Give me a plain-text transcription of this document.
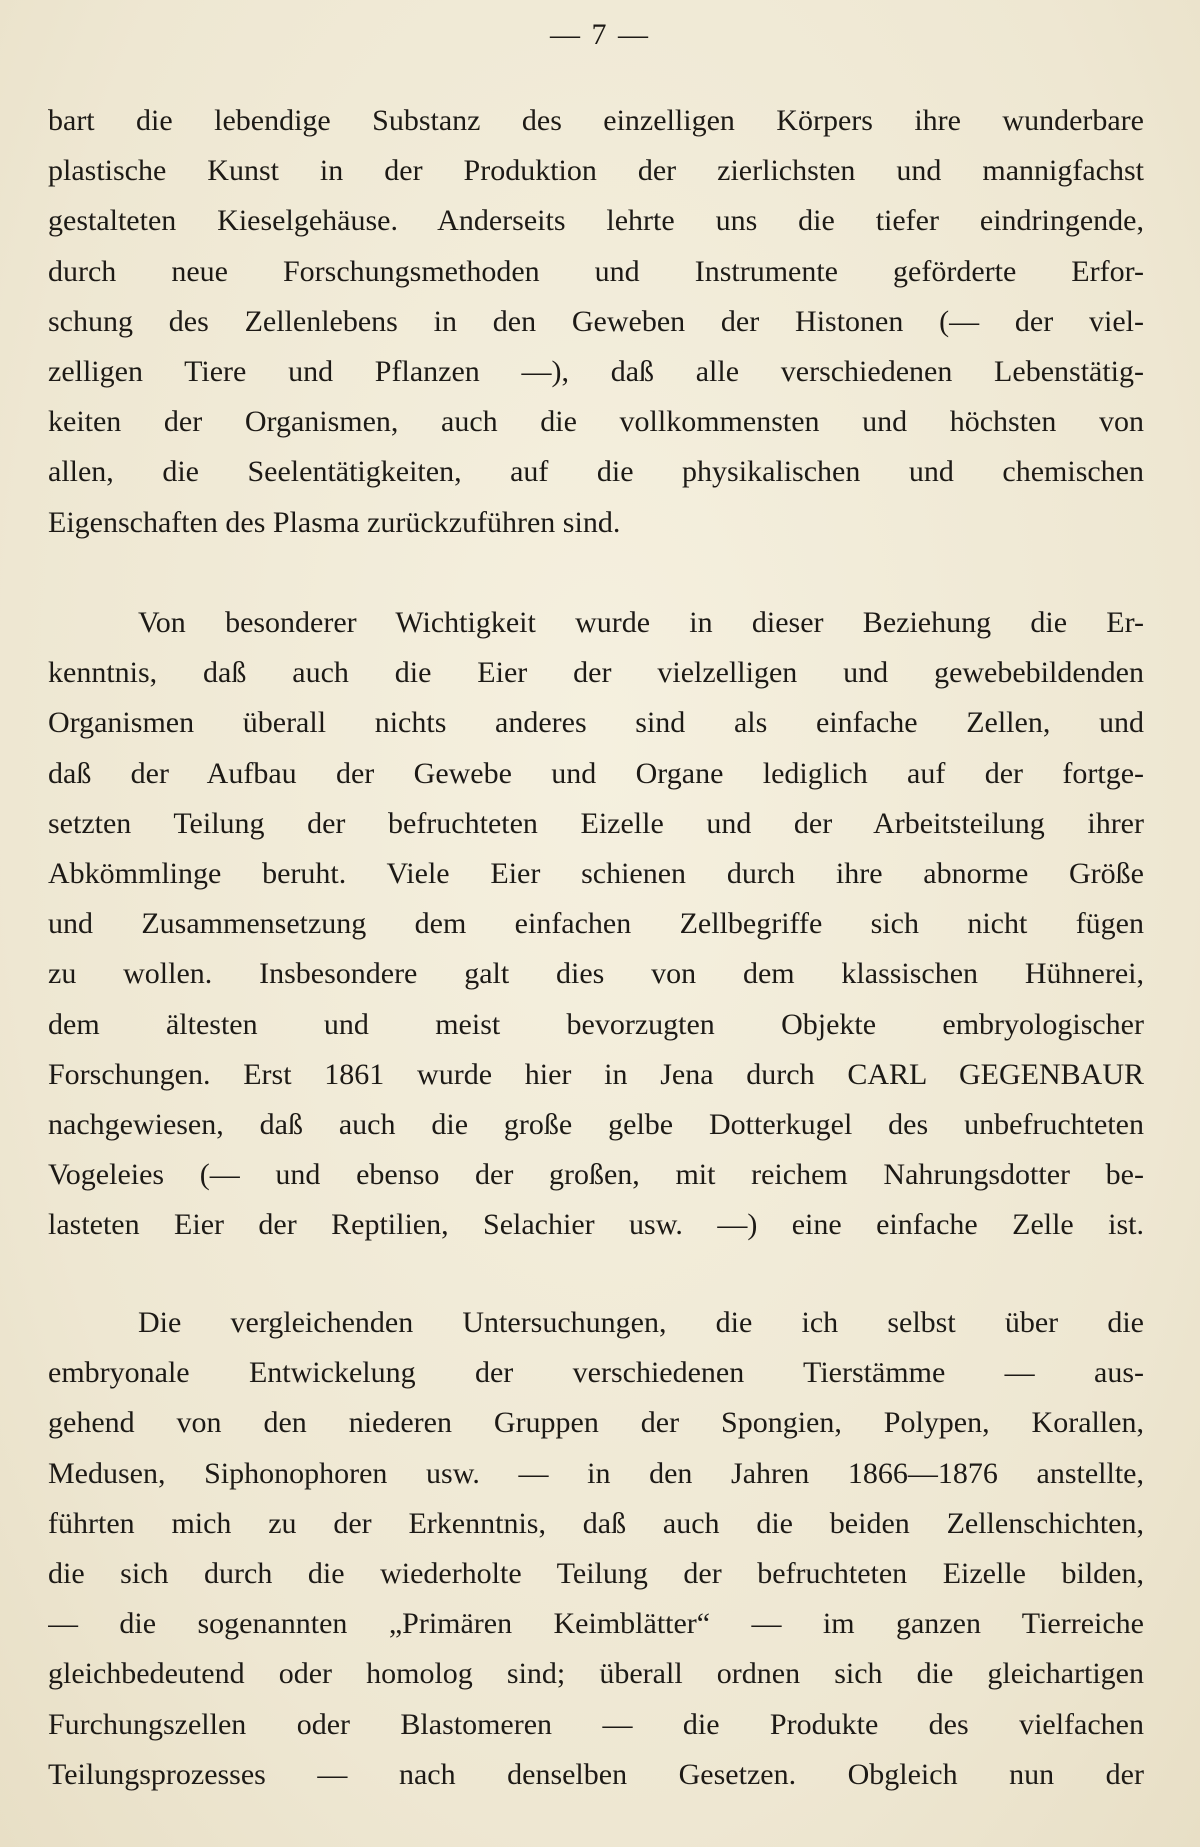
— 7 —
bart die lebendige Substanz des einzelligen Körpers ihre wunderbare
plastische Kunst in der Produktion der zierlichsten und mannigfachst
gestalteten Kieselgehäuse. Anderseits lehrte uns die tiefer eindringende,
durch neue Forschungsmethoden und Instrumente geförderte Erfor-
schung des Zellenlebens in den Geweben der Histonen (— der viel-
zelligen Tiere und Pflanzen —), daß alle verschiedenen Lebenstätig-
keiten der Organismen, auch die vollkommensten und höchsten von
allen, die Seelentätigkeiten, auf die physikalischen und chemischen
Eigenschaften des Plasma zurückzuführen sind.
Von besonderer Wichtigkeit wurde in dieser Beziehung die Er-
kenntnis, daß auch die Eier der vielzelligen und gewebebildenden
Organismen überall nichts anderes sind als einfache Zellen, und
daß der Aufbau der Gewebe und Organe lediglich auf der fortge-
setzten Teilung der befruchteten Eizelle und der Arbeitsteilung ihrer
Abkömmlinge beruht. Viele Eier schienen durch ihre abnorme Größe
und Zusammensetzung dem einfachen Zellbegriffe sich nicht fügen
zu wollen. Insbesondere galt dies von dem klassischen Hühnerei,
dem ältesten und meist bevorzugten Objekte embryologischer
Forschungen. Erst 1861 wurde hier in Jena durch CARL GEGENBAUR
nachgewiesen, daß auch die große gelbe Dotterkugel des unbefruchteten
Vogeleies (— und ebenso der großen, mit reichem Nahrungsdotter be-
lasteten Eier der Reptilien, Selachier usw. —) eine einfache Zelle ist.
Die vergleichenden Untersuchungen, die ich selbst über die
embryonale Entwickelung der verschiedenen Tierstämme — aus-
gehend von den niederen Gruppen der Spongien, Polypen, Korallen,
Medusen, Siphonophoren usw. — in den Jahren 1866—1876 anstellte,
führten mich zu der Erkenntnis, daß auch die beiden Zellenschichten,
die sich durch die wiederholte Teilung der befruchteten Eizelle bilden,
— die sogenannten „Primären Keimblätter“ — im ganzen Tierreiche
gleichbedeutend oder homolog sind; überall ordnen sich die gleichartigen
Furchungszellen oder Blastomeren — die Produkte des vielfachen
Teilungsprozesses — nach denselben Gesetzen. Obgleich nun der
